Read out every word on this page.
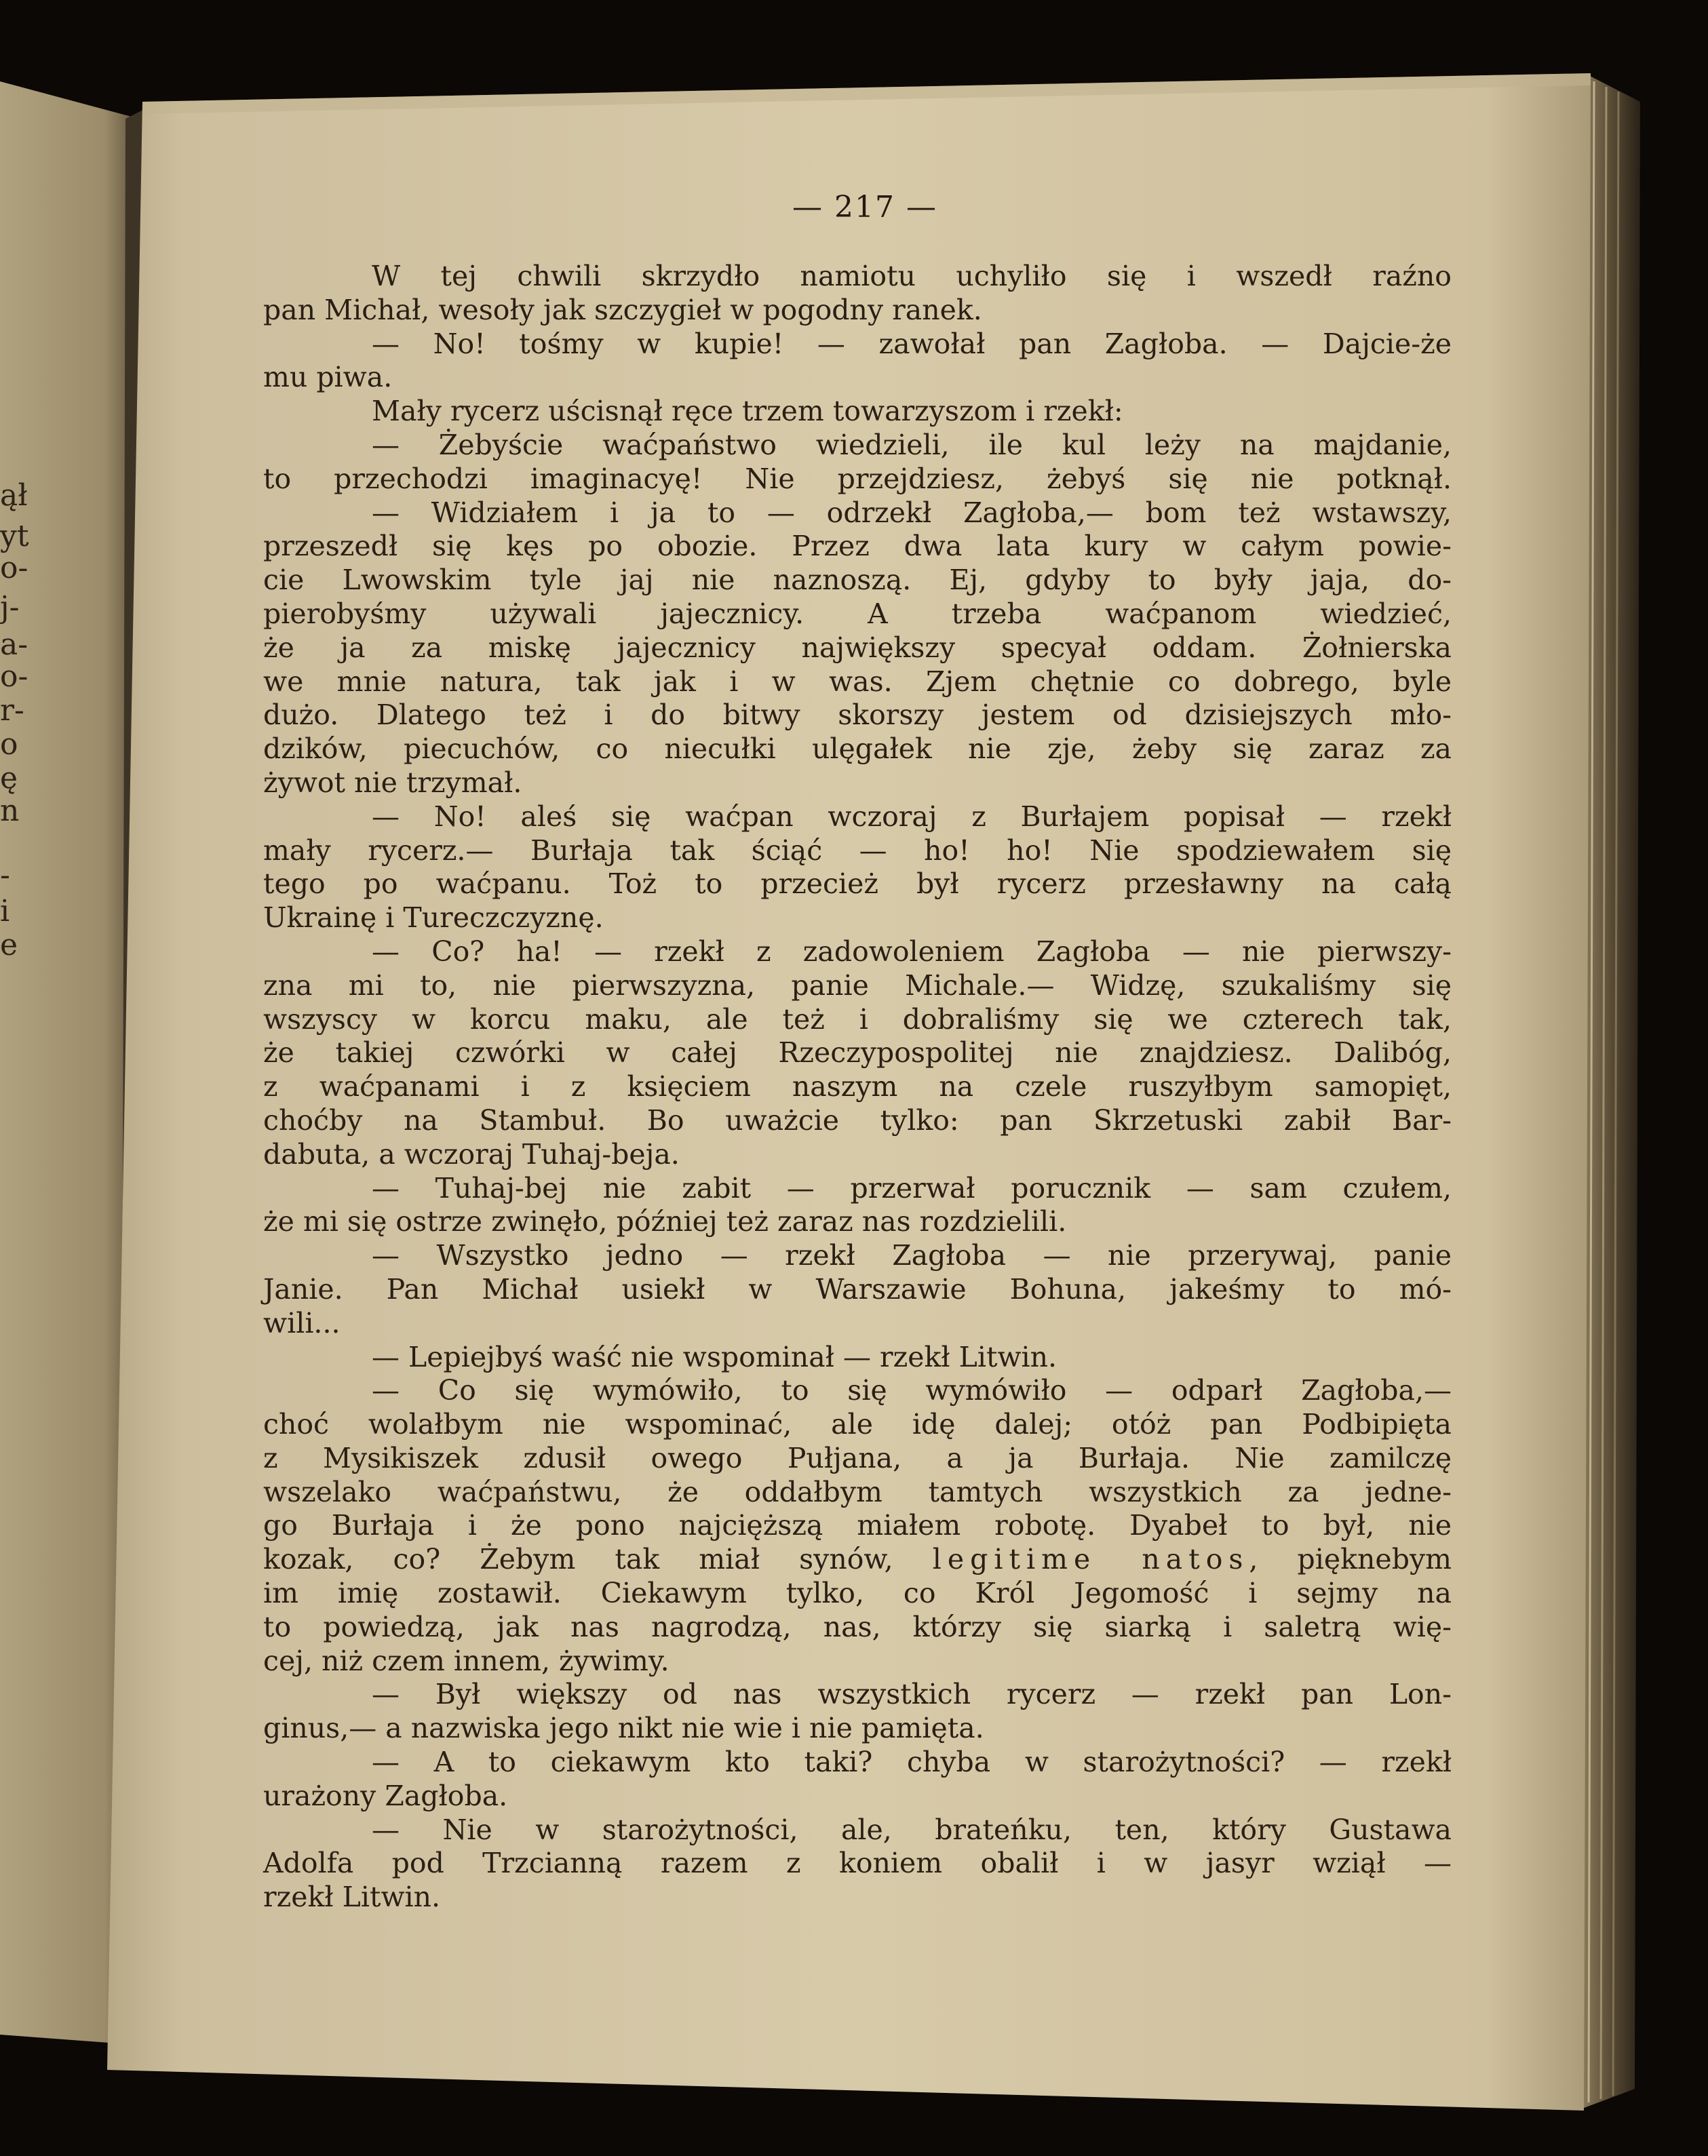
ął
yt
o-
j-
a-
o-
r-
o
ę
n
-
i
e
— 217 —
W tej chwili skrzydło namiotu uchyliło się i wszedł raźno
pan Michał, wesoły jak szczygieł w pogodny ranek.
— No! tośmy w kupie! — zawołał pan Zagłoba. — Dajcie-że
mu piwa.
Mały rycerz uścisnął ręce trzem towarzyszom i rzekł:
— Żebyście waćpaństwo wiedzieli, ile kul leży na majdanie,
to przechodzi imaginacyę! Nie przejdziesz, żebyś się nie potknął.
— Widziałem i ja to — odrzekł Zagłoba,— bom też wstawszy,
przeszedł się kęs po obozie. Przez dwa lata kury w całym powie-
cie Lwowskim tyle jaj nie naznoszą. Ej, gdyby to były jaja, do-
pierobyśmy używali jajecznicy. A trzeba waćpanom wiedzieć,
że ja za miskę jajecznicy największy specyał oddam. Żołnierska
we mnie natura, tak jak i w was. Zjem chętnie co dobrego, byle
dużo. Dlatego też i do bitwy skorszy jestem od dzisiejszych mło-
dzików, piecuchów, co niecułki ulęgałek nie zje, żeby się zaraz za
żywot nie trzymał.
— No! aleś się waćpan wczoraj z Burłajem popisał — rzekł
mały rycerz.— Burłaja tak ściąć — ho! ho! Nie spodziewałem się
tego po waćpanu. Toż to przecież był rycerz przesławny na całą
Ukrainę i Tureczczyznę.
— Co? ha! — rzekł z zadowoleniem Zagłoba — nie pierwszy-
zna mi to, nie pierwszyzna, panie Michale.— Widzę, szukaliśmy się
wszyscy w korcu maku, ale też i dobraliśmy się we czterech tak,
że takiej czwórki w całej Rzeczypospolitej nie znajdziesz. Dalibóg,
z waćpanami i z księciem naszym na czele ruszyłbym samopięt,
choćby na Stambuł. Bo uważcie tylko: pan Skrzetuski zabił Bar-
dabuta, a wczoraj Tuhaj-beja.
— Tuhaj-bej nie zabit — przerwał porucznik — sam czułem,
że mi się ostrze zwinęło, później też zaraz nas rozdzielili.
— Wszystko jedno — rzekł Zagłoba — nie przerywaj, panie
Janie. Pan Michał usiekł w Warszawie Bohuna, jakeśmy to mó-
wili...
— Lepiejbyś waść nie wspominał — rzekł Litwin.
— Co się wymówiło, to się wymówiło — odparł Zagłoba,—
choć wolałbym nie wspominać, ale idę dalej; otóż pan Podbipięta
z Mysikiszek zdusił owego Pułjana, a ja Burłaja. Nie zamilczę
wszelako waćpaństwu, że oddałbym tamtych wszystkich za jedne-
go Burłaja i że pono najcięższą miałem robotę. Dyabeł to był, nie
kozak, co? Żebym tak miał synów, legitime natos, pięknebym
im imię zostawił. Ciekawym tylko, co Król Jegomość i sejmy na
to powiedzą, jak nas nagrodzą, nas, którzy się siarką i saletrą wię-
cej, niż czem innem, żywimy.
— Był większy od nas wszystkich rycerz — rzekł pan Lon-
ginus,— a nazwiska jego nikt nie wie i nie pamięta.
— A to ciekawym kto taki? chyba w starożytności? — rzekł
urażony Zagłoba.
— Nie w starożytności, ale, brateńku, ten, który Gustawa
Adolfa pod Trzcianną razem z koniem obalił i w jasyr wziął —
rzekł Litwin.
